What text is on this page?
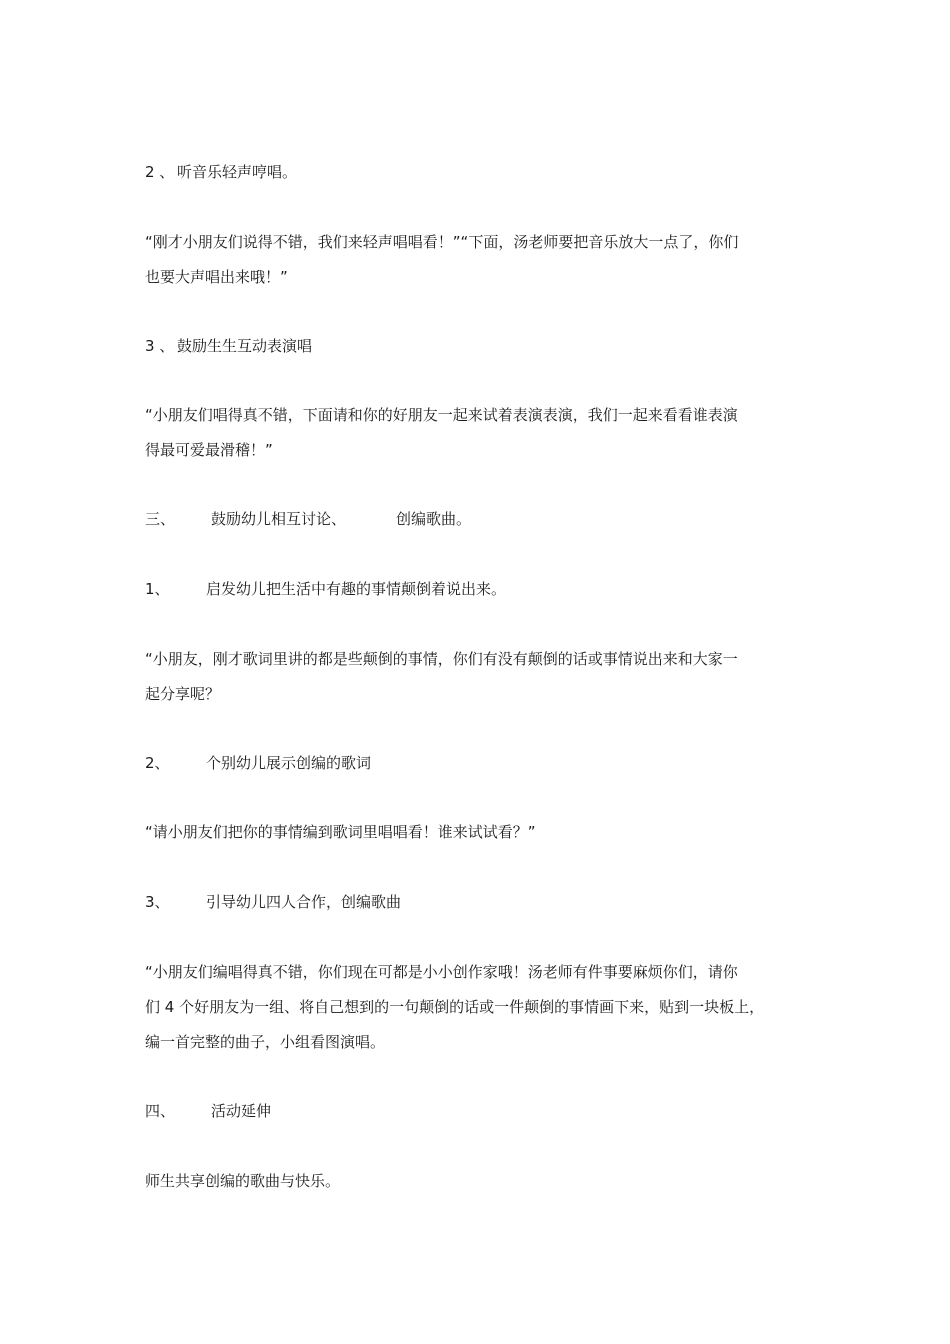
2 、 听音乐轻声哼唱。
“刚才小朋友们说得不错，我们来轻声唱唱看！”“下面，汤老师要把音乐放大一点了，你们
也要大声唱出来哦！”
3 、 鼓励生生互动表演唱
“小朋友们唱得真不错，下面请和你的好朋友一起来试着表演表演，我们一起来看看谁表演
得最可爱最滑稽！”
三、 鼓励幼儿相互讨论、	创编歌曲。
1、 启发幼儿把生活中有趣的事情颠倒着说出来。
“小朋友，刚才歌词里讲的都是些颠倒的事情，你们有没有颠倒的话或事情说出来和大家一
起分享呢？
2、 个别幼儿展示创编的歌词
“请小朋友们把你的事情编到歌词里唱唱看！谁来试试看？”
3、 引导幼儿四人合作，创编歌曲
“小朋友们编唱得真不错，你们现在可都是小小创作家哦！汤老师有件事要麻烦你们，请你
们 4 个好朋友为一组、将自己想到的一句颠倒的话或一件颠倒的事情画下来，贴到一块板上，
编一首完整的曲子，小组看图演唱。
四、 活动延伸
师生共享创编的歌曲与快乐。
